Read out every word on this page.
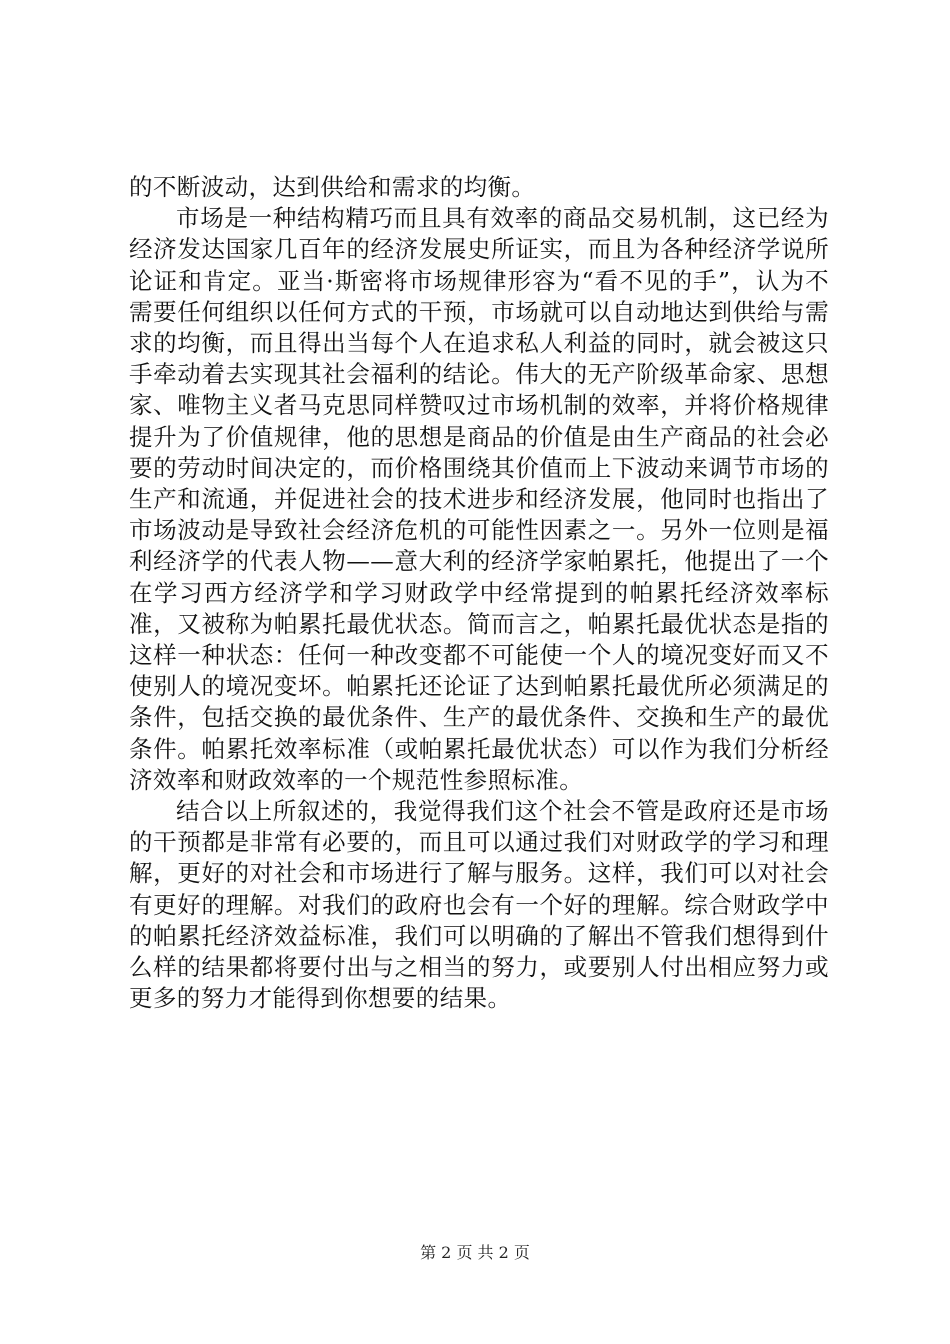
的不断波动，达到供给和需求的均衡。

市场是一种结构精巧而且具有效率的商品交易机制，这已经为经济发达国家几百年的经济发展史所证实，而且为各种经济学说所论证和肯定。亚当·斯密将市场规律形容为“看不见的手”，认为不需要任何组织以任何方式的干预，市场就可以自动地达到供给与需求的均衡，而且得出当每个人在追求私人利益的同时，就会被这只手牵动着去实现其社会福利的结论。伟大的无产阶级革命家、思想家、唯物主义者马克思同样赞叹过市场机制的效率，并将价格规律提升为了价值规律，他的思想是商品的价值是由生产商品的社会必要的劳动时间决定的，而价格围绕其价值而上下波动来调节市场的生产和流通，并促进社会的技术进步和经济发展，他同时也指出了市场波动是导致社会经济危机的可能性因素之一。另外一位则是福利经济学的代表人物——意大利的经济学家帕累托，他提出了一个在学习西方经济学和学习财政学中经常提到的帕累托经济效率标准，又被称为帕累托最优状态。简而言之，帕累托最优状态是指的这样一种状态：任何一种改变都不可能使一个人的境况变好而又不使别人的境况变坏。帕累托还论证了达到帕累托最优所必须满足的条件，包括交换的最优条件、生产的最优条件、交换和生产的最优条件。帕累托效率标准（或帕累托最优状态）可以作为我们分析经济效率和财政效率的一个规范性参照标准。

结合以上所叙述的，我觉得我们这个社会不管是政府还是市场的干预都是非常有必要的，而且可以通过我们对财政学的学习和理解，更好的对社会和市场进行了解与服务。这样，我们可以对社会有更好的理解。对我们的政府也会有一个好的理解。综合财政学中的帕累托经济效益标准，我们可以明确的了解出不管我们想得到什么样的结果都将要付出与之相当的努力，或要别人付出相应努力或更多的努力才能得到你想要的结果。

第 2 页 共 2 页
